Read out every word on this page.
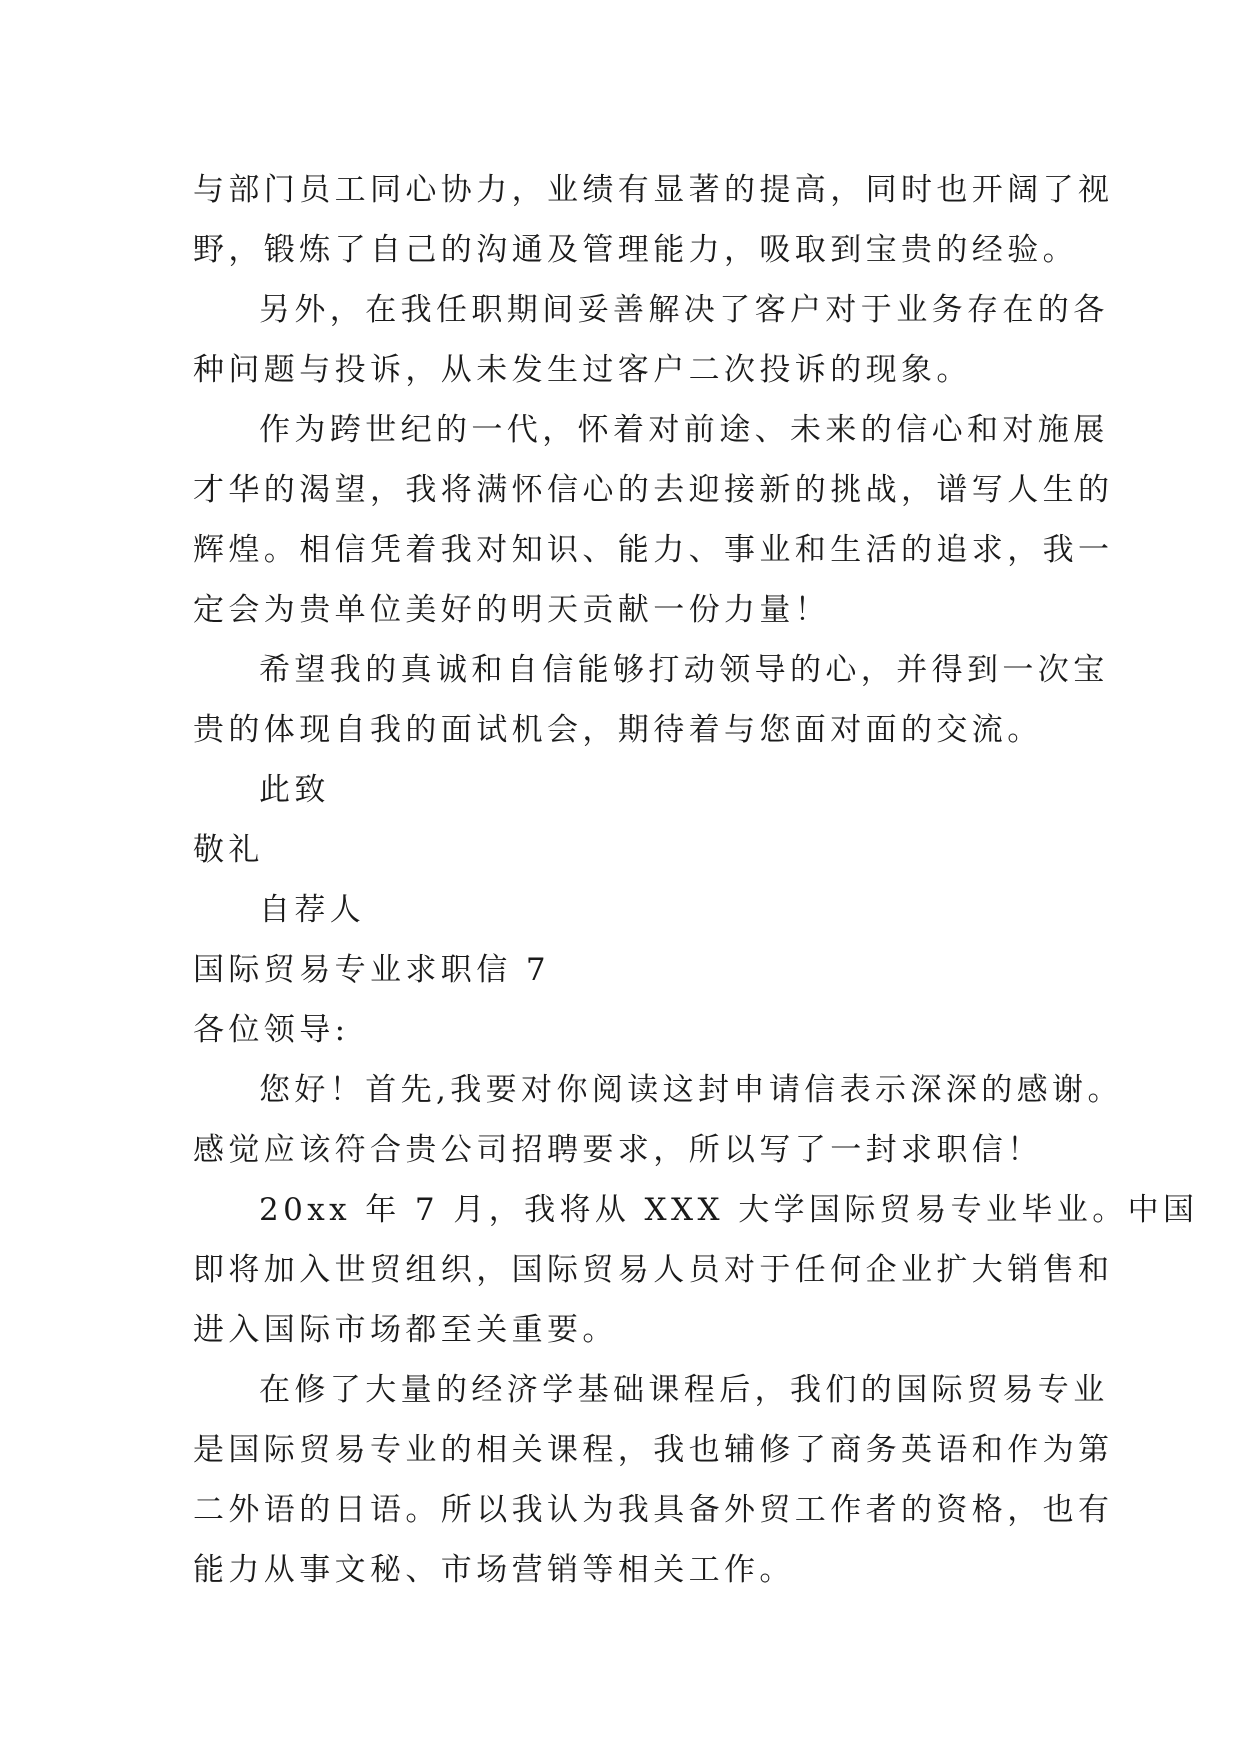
与部门员工同心协力，业绩有显著的提高，同时也开阔了视
野，锻炼了自己的沟通及管理能力，吸取到宝贵的经验。
另外，在我任职期间妥善解决了客户对于业务存在的各
种问题与投诉，从未发生过客户二次投诉的现象。
作为跨世纪的一代，怀着对前途、未来的信心和对施展
才华的渴望，我将满怀信心的去迎接新的挑战，谱写人生的
辉煌。相信凭着我对知识、能力、事业和生活的追求，我一
定会为贵单位美好的明天贡献一份力量！
希望我的真诚和自信能够打动领导的心，并得到一次宝
贵的体现自我的面试机会，期待着与您面对面的交流。
此致
敬礼
自荐人
国际贸易专业求职信 7
各位领导:
您好！首先,我要对你阅读这封申请信表示深深的感谢。
感觉应该符合贵公司招聘要求，所以写了一封求职信！
20xx 年 7 月，我将从 XXX 大学国际贸易专业毕业。中国
即将加入世贸组织，国际贸易人员对于任何企业扩大销售和
进入国际市场都至关重要。
在修了大量的经济学基础课程后，我们的国际贸易专业
是国际贸易专业的相关课程，我也辅修了商务英语和作为第
二外语的日语。所以我认为我具备外贸工作者的资格，也有
能力从事文秘、市场营销等相关工作。
